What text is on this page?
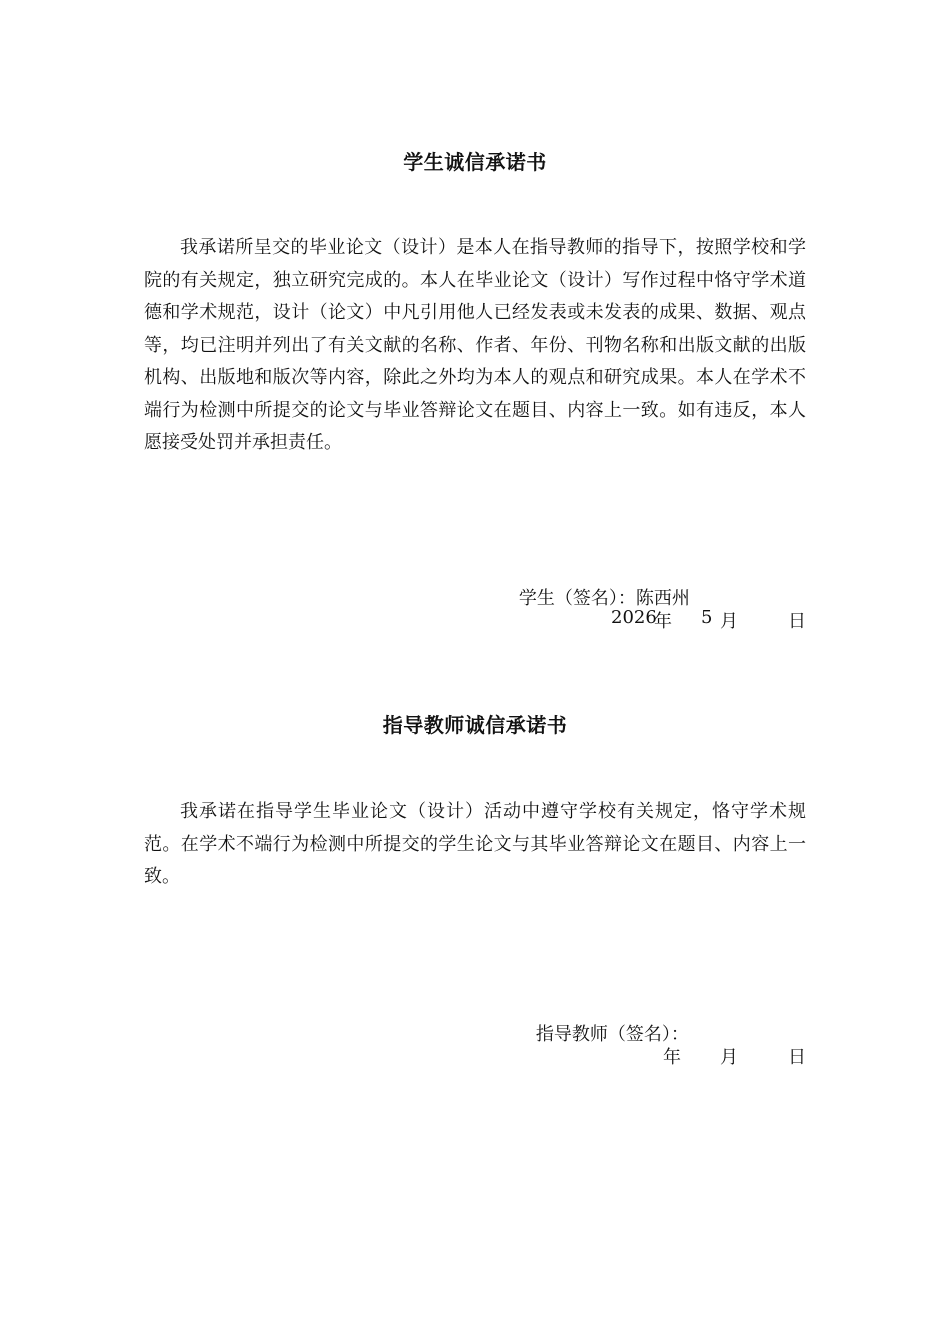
学生诚信承诺书
我承诺所呈交的毕业论文（设计）是本人在指导教师的指导下，按照学校和学院的有关规定，独立研究完成的。本人在毕业论文（设计）写作过程中恪守学术道德和学术规范，设计（论文）中凡引用他人已经发表或未发表的成果、数据、观点等，均已注明并列出了有关文献的名称、作者、年份、刊物名称和出版文献的出版机构、出版地和版次等内容，除此之外均为本人的观点和研究成果。本人在学术不端行为检测中所提交的论文与毕业答辩论文在题目、内容上一致。如有违反，本人愿接受处罚并承担责任。

学生（签名）：陈西州

2026
年 5 月	日
指导教师诚信承诺书
我承诺在指导学生毕业论文（设计）活动中遵守学校有关规定，恪守学术规范。在学术不端行为检测中所提交的学生论文与其毕业答辩论文在题目、内容上一致。

指导教师（签名）：

年 月	日
